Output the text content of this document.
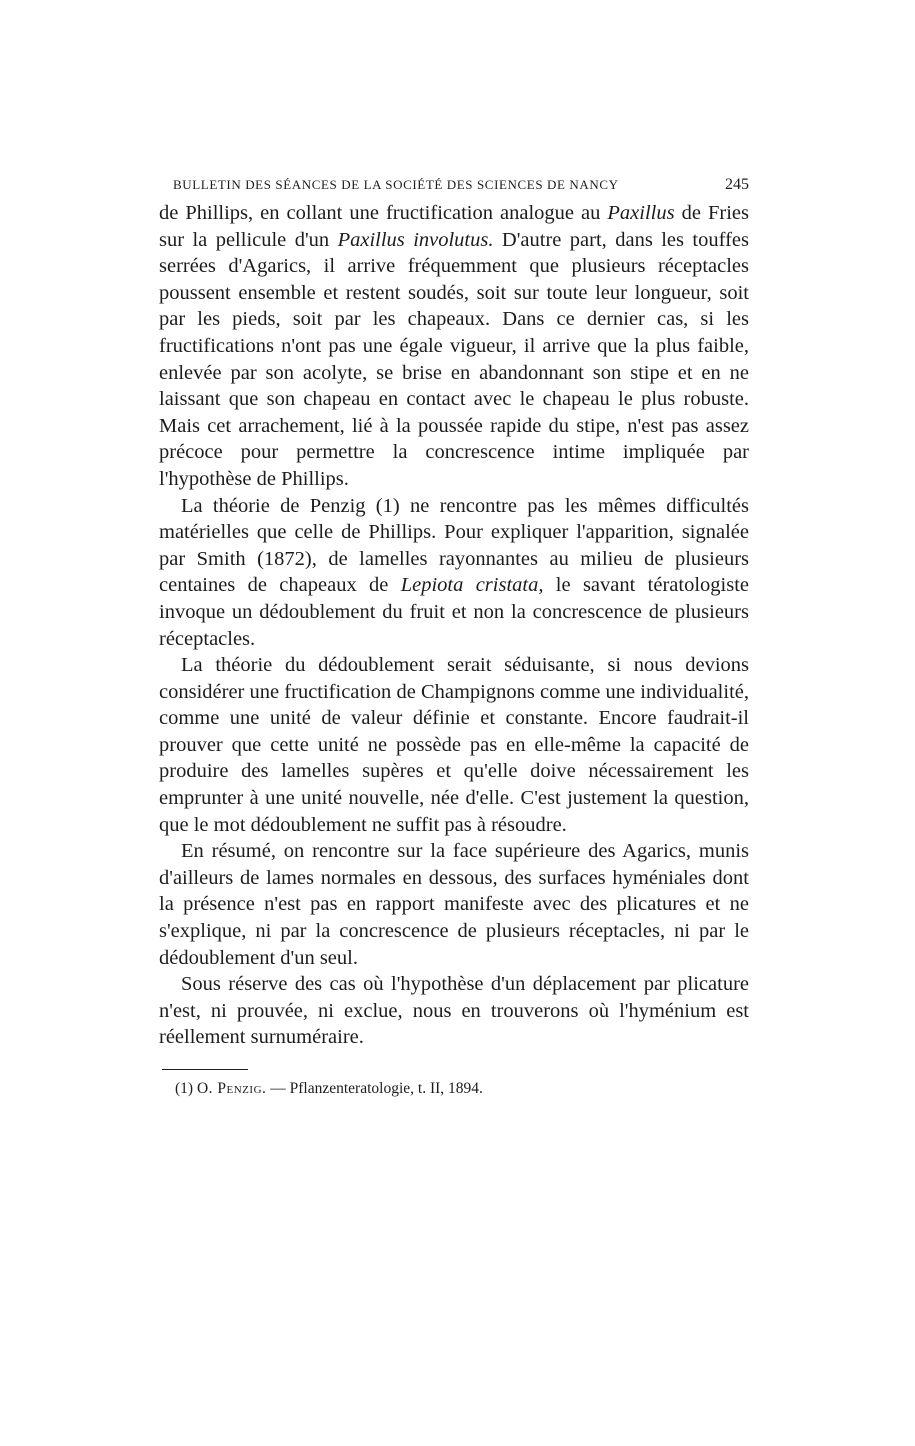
BULLETIN DES SÉANCES DE LA SOCIÉTÉ DES SCIENCES DE NANCY	245

de Phillips, en collant une fructification analogue au Paxillus de Fries sur la pellicule d'un Paxillus involutus. D'autre part, dans les touffes serrées d'Agarics, il arrive fréquemment que plusieurs réceptacles poussent ensemble et restent soudés, soit sur toute leur longueur, soit par les pieds, soit par les chapeaux. Dans ce dernier cas, si les fructifications n'ont pas une égale vigueur, il arrive que la plus faible, enlevée par son acolyte, se brise en abandonnant son stipe et en ne laissant que son chapeau en contact avec le chapeau le plus robuste. Mais cet arrachement, lié à la poussée rapide du stipe, n'est pas assez précoce pour permettre la concrescence intime impliquée par l'hypothèse de Phillips.

La théorie de Penzig (1) ne rencontre pas les mêmes difficultés matérielles que celle de Phillips. Pour expliquer l'apparition, signalée par Smith (1872), de lamelles rayonnantes au milieu de plusieurs centaines de chapeaux de Lepiota cristata, le savant tératologiste invoque un dédoublement du fruit et non la concrescence de plusieurs réceptacles.

La théorie du dédoublement serait séduisante, si nous devions considérer une fructification de Champignons comme une individualité, comme une unité de valeur définie et constante. Encore faudrait-il prouver que cette unité ne possède pas en elle-même la capacité de produire des lamelles supères et qu'elle doive nécessairement les emprunter à une unité nouvelle, née d'elle. C'est justement la question, que le mot dédoublement ne suffit pas à résoudre.

En résumé, on rencontre sur la face supérieure des Agarics, munis d'ailleurs de lames normales en dessous, des surfaces hyméniales dont la présence n'est pas en rapport manifeste avec des plicatures et ne s'explique, ni par la concrescence de plusieurs réceptacles, ni par le dédoublement d'un seul.

Sous réserve des cas où l'hypothèse d'un déplacement par plicature n'est, ni prouvée, ni exclue, nous en trouverons où l'hyménium est réellement surnuméraire.

(1) O. Penzig. — Pflanzenteratologie, t. II, 1894.
